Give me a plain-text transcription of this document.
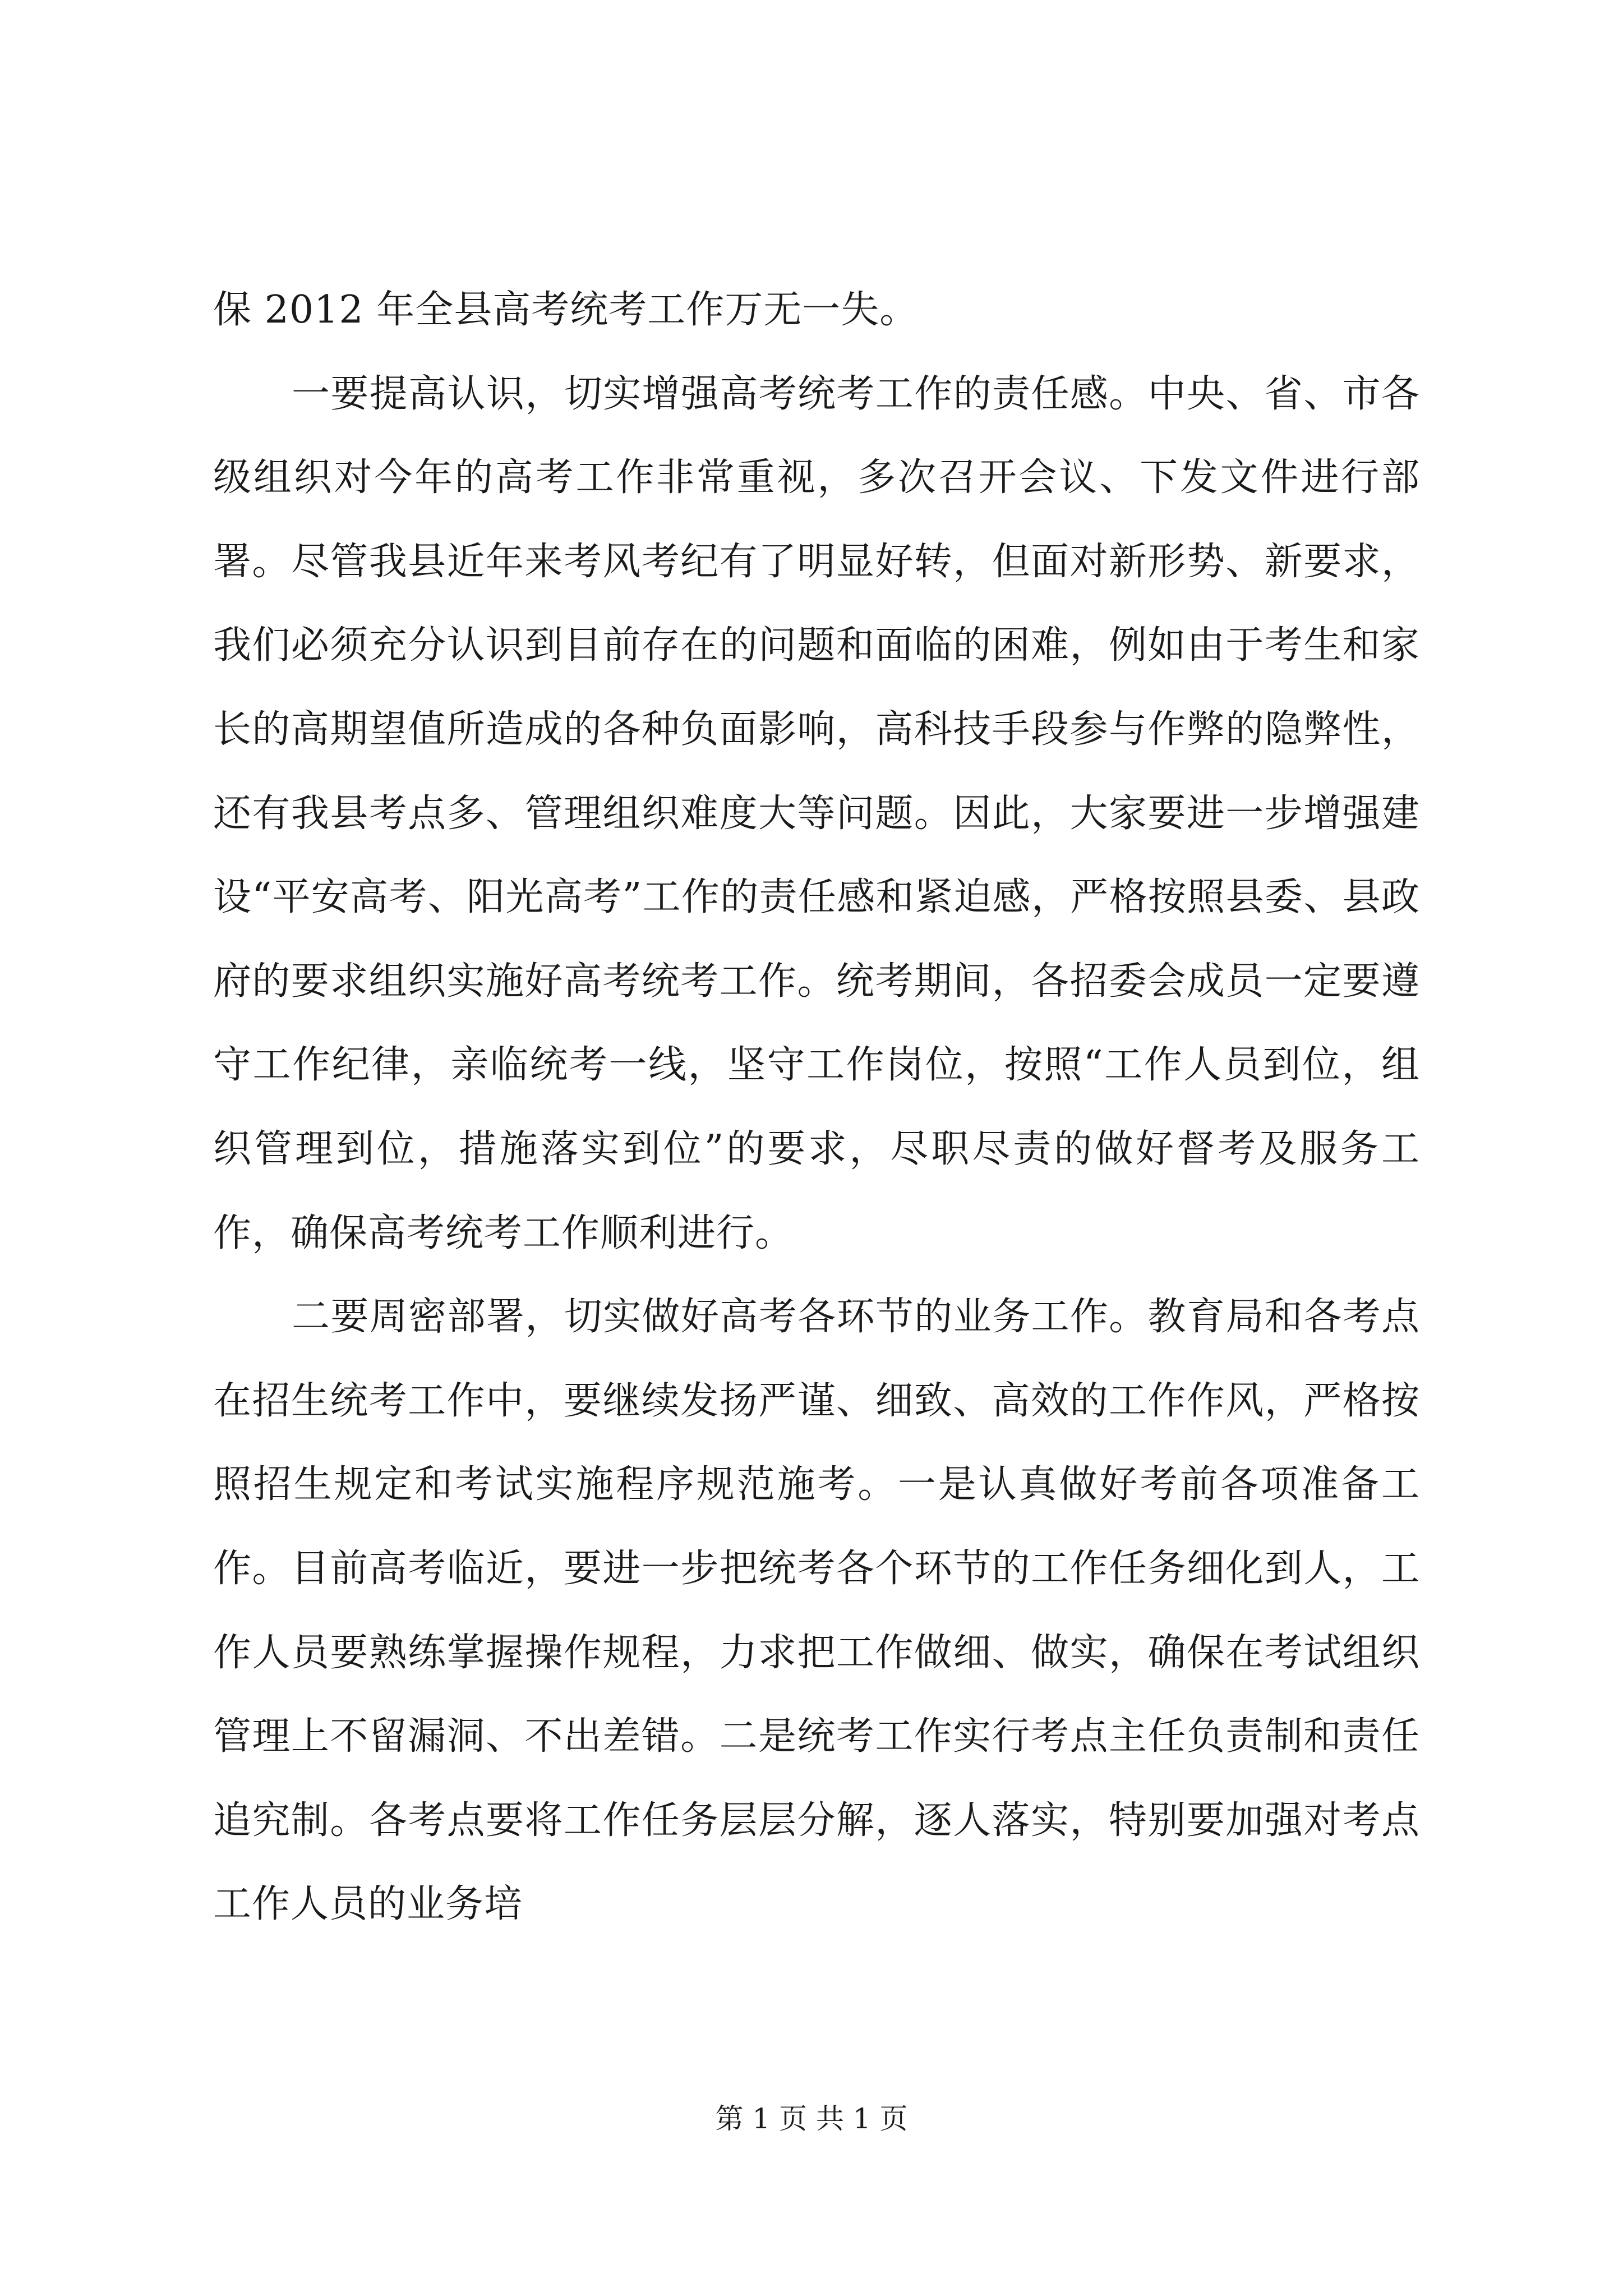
保 2012 年全县高考统考工作万无一失。

一要提高认识，切实增强高考统考工作的责任感。中央、省、市各级组织对今年的高考工作非常重视，多次召开会议、下发文件进行部署。尽管我县近年来考风考纪有了明显好转，但面对新形势、新要求，我们必须充分认识到目前存在的问题和面临的困难，例如由于考生和家长的高期望值所造成的各种负面影响，高科技手段参与作弊的隐弊性，还有我县考点多、管理组织难度大等问题。因此，大家要进一步增强建设“平安高考、阳光高考”工作的责任感和紧迫感，严格按照县委、县政府的要求组织实施好高考统考工作。统考期间，各招委会成员一定要遵守工作纪律，亲临统考一线，坚守工作岗位，按照“工作人员到位，组织管理到位，措施落实到位”的要求，尽职尽责的做好督考及服务工作，确保高考统考工作顺利进行。

二要周密部署，切实做好高考各环节的业务工作。教育局和各考点在招生统考工作中，要继续发扬严谨、细致、高效的工作作风，严格按照招生规定和考试实施程序规范施考。一是认真做好考前各项准备工作。目前高考临近，要进一步把统考各个环节的工作任务细化到人，工作人员要熟练掌握操作规程，力求把工作做细、做实，确保在考试组织管理上不留漏洞、不出差错。二是统考工作实行考点主任负责制和责任追究制。各考点要将工作任务层层分解，逐人落实，特别要加强对考点工作人员的业务培

第 1 页 共 1 页
